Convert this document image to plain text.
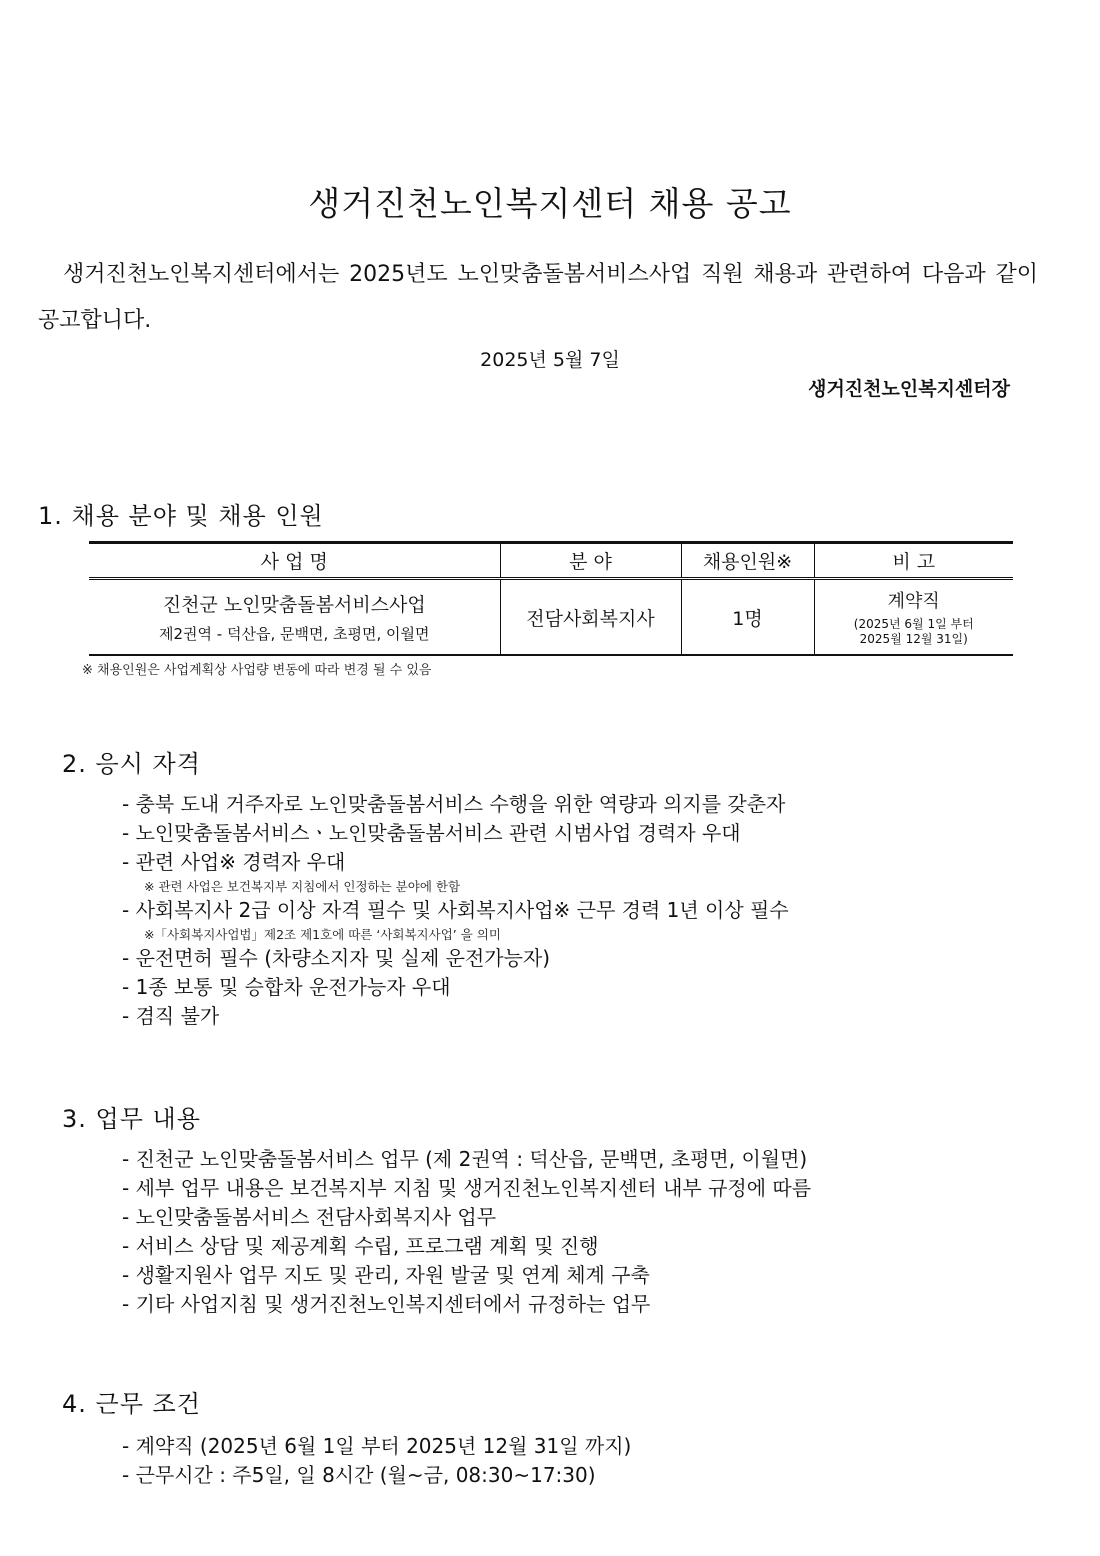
생거진천노인복지센터 채용 공고
생거진천노인복지센터에서는 2025년도 노인맞춤돌봄서비스사업 직원 채용과 관련하여 다음과 같이 공고합니다.
2025년 5월 7일
생거진천노인복지센터장
1. 채용 분야 및 채용 인원
사 업 명	분 야	채용인원※	비 고

진천군 노인맞춤돌봄서비스사업
제2권역 - 덕산읍, 문백면, 초평면, 이월면	전담사회복지사	1명	계약직
(2025년 6월 1일 부터
2025월 12월 31일)
※ 채용인원은 사업계획상 사업량 변동에 따라 변경 될 수 있음
2. 응시 자격
- 충북 도내 거주자로 노인맞춤돌봄서비스 수행을 위한 역량과 의지를 갖춘자
- 노인맞춤돌봄서비스ㆍ노인맞춤돌봄서비스 관련 시범사업 경력자 우대
- 관련 사업※ 경력자 우대
※ 관련 사업은 보건복지부 지침에서 인정하는 분야에 한함
- 사회복지사 2급 이상 자격 필수 및 사회복지사업※ 근무 경력 1년 이상 필수
※「사회복지사업법」제2조 제1호에 따른 ‘사회복지사업’ 을 의미
- 운전면허 필수 (차량소지자 및 실제 운전가능자)
- 1종 보통 및 승합차 운전가능자 우대
- 겸직 불가
3. 업무 내용
- 진천군 노인맞춤돌봄서비스 업무 (제 2권역 : 덕산읍, 문백면, 초평면, 이월면)
- 세부 업무 내용은 보건복지부 지침 및 생거진천노인복지센터 내부 규정에 따름
- 노인맞춤돌봄서비스 전담사회복지사 업무
- 서비스 상담 및 제공계획 수립, 프로그램 계획 및 진행
- 생활지원사 업무 지도 및 관리, 자원 발굴 및 연계 체계 구축
- 기타 사업지침 및 생거진천노인복지센터에서 규정하는 업무
4. 근무 조건
- 계약직 (2025년 6월 1일 부터 2025년 12월 31일 까지)
- 근무시간 : 주5일, 일 8시간 (월~금, 08:30~17:30)
